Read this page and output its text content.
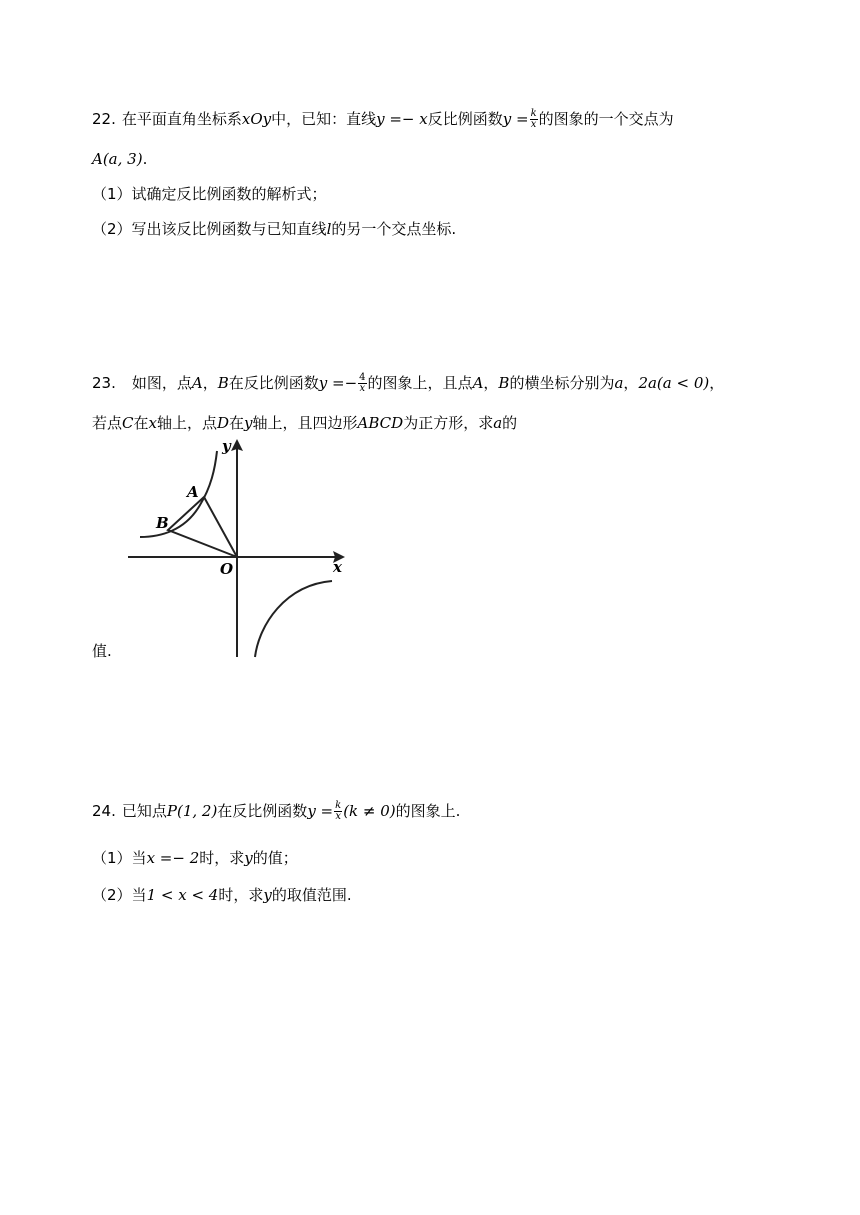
22. 在平面直角坐标系xOy中，已知：直线y =− x反比例函数$y = \frac{k}{x}$ 的图象的一个交点为
A(a, 3).
（1）试确定反比例函数的解析式；
（2）写出该反比例函数与已知直线l的另一个交点坐标.
23. 如图，点A，B在反比例函数$y =- \frac{4}{x}$ 的图象上，且点A，B的横坐标分别为a，2a(a < 0)，
若点C在x轴上，点D在y轴上，且四边形ABCD为正方形，求a的
y
x
O
A
B
值.
24. 已知点P(1, 2)在反比例函数$y = \frac{k}{x} (k \ne 0)$的图象上.
（1）当x =− 2时，求y的值；
（2）当1 < x < 4时，求y的取值范围.
